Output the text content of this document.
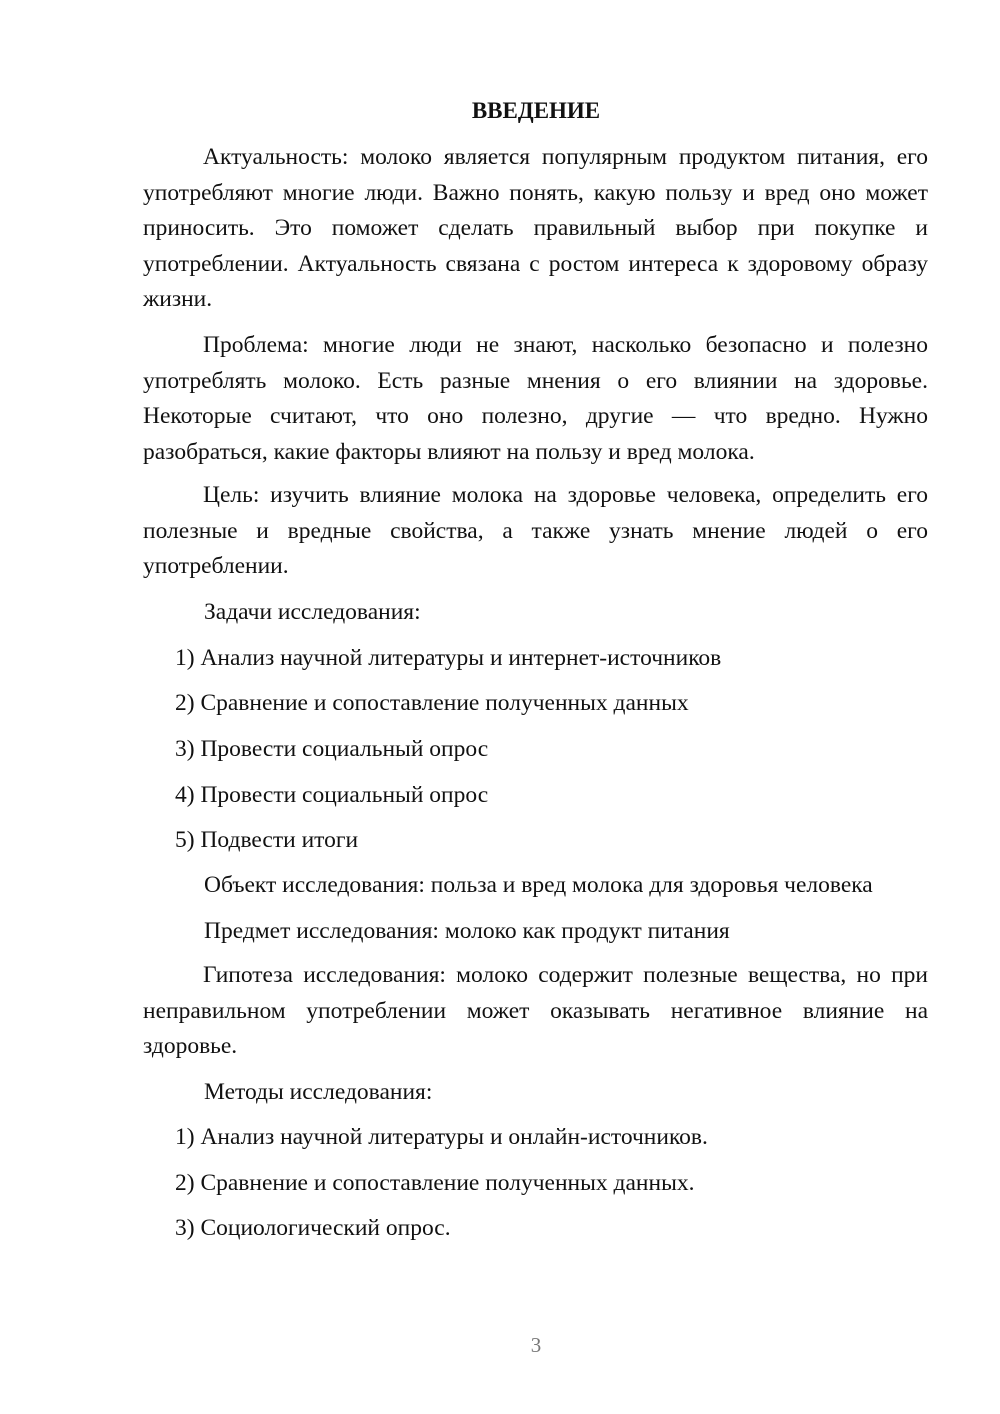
ВВЕДЕНИЕ

Актуальность: молоко является популярным продуктом питания, его употребляют многие люди. Важно понять, какую пользу и вред оно может приносить. Это поможет сделать правильный выбор при покупке и употреблении. Актуальность связана с ростом интереса к здоровому образу жизни.

Проблема: многие люди не знают, насколько безопасно и полезно употреблять молоко. Есть разные мнения о его влиянии на здоровье. Некоторые считают, что оно полезно, другие — что вредно. Нужно разобраться, какие факторы влияют на пользу и вред молока.

Цель: изучить влияние молока на здоровье человека, определить его полезные и вредные свойства, а также узнать мнение людей о его употреблении.

Задачи исследования:
1) Анализ научной литературы и интернет-источников
2) Сравнение и сопоставление полученных данных
3) Провести социальный опрос
4) Провести социальный опрос
5) Подвести итоги
Объект исследования: польза и вред молока для здоровья человека
Предмет исследования: молоко как продукт питания

Гипотеза исследования: молоко содержит полезные вещества, но при неправильном употреблении может оказывать негативное влияние на здоровье.

Методы исследования:
1) Анализ научной литературы и онлайн-источников.
2) Сравнение и сопоставление полученных данных.
3) Социологический опрос.
3
